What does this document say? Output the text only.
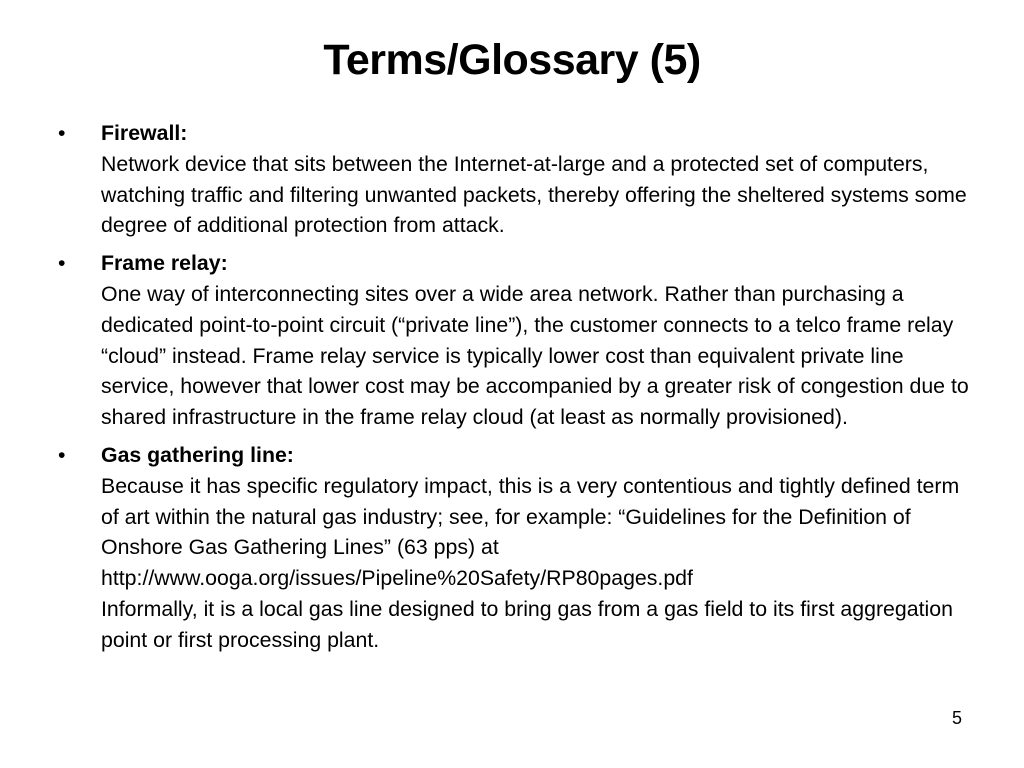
Terms/Glossary (5)
•	Firewall:
Network device that sits between the Internet-at-large and a protected set of computers, watching traffic and filtering unwanted packets, thereby offering the sheltered systems some degree of additional protection from attack.
•	Frame relay:
One way of interconnecting sites over a wide area network. Rather than purchasing a dedicated point-to-point circuit (“private line”), the customer connects to a telco frame relay “cloud” instead. Frame relay service is typically lower cost than equivalent private line service, however that lower cost may be accompanied by a greater risk of congestion due to shared infrastructure in the frame relay cloud (at least as normally provisioned).
•	Gas gathering line:
Because it has specific regulatory impact, this is a very contentious and tightly defined term of art within the natural gas industry; see, for example: “Guidelines for the Definition of Onshore Gas Gathering Lines” (63 pps) at http://www.ooga.org/issues/Pipeline%20Safety/RP80pages.pdf
Informally, it is a local gas line designed to bring gas from a gas field to its first aggregation point or first processing plant.
5
